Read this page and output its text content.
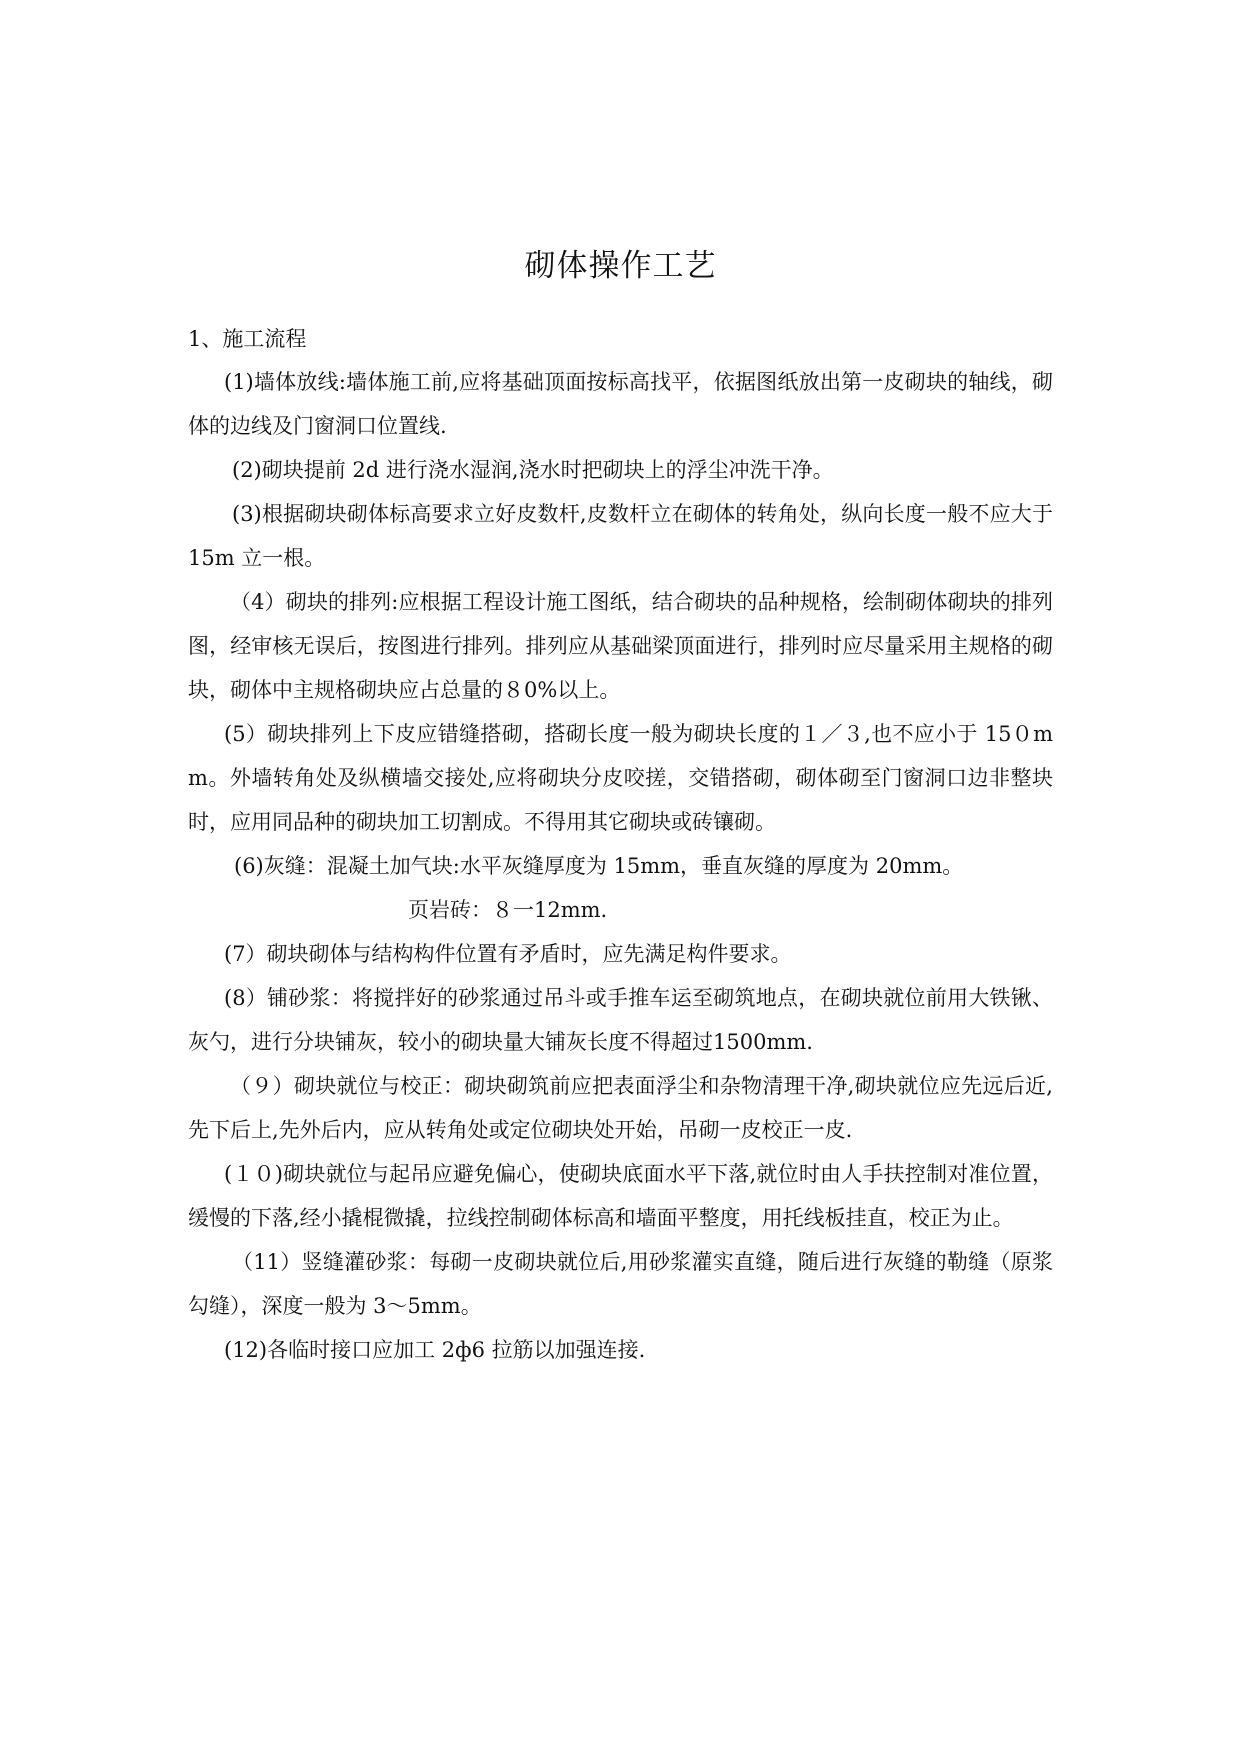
砌体操作工艺
1、施工流程

(1)墙体放线:墙体施工前,应将基础顶面按标高找平，依据图纸放出第一皮砌块的轴线，砌体的边线及门窗洞口位置线.

(2)砌块提前 2d 进行浇水湿润,浇水时把砌块上的浮尘冲洗干净。

(3)根据砌块砌体标高要求立好皮数杆,皮数杆立在砌体的转角处，纵向长度一般不应大于 15m 立一根。

（4）砌块的排列:应根据工程设计施工图纸，结合砌块的品种规格，绘制砌体砌块的排列图，经审核无误后，按图进行排列。排列应从基础梁顶面进行，排列时应尽量采用主规格的砌块，砌体中主规格砌块应占总量的８0%以上。

(5）砌块排列上下皮应错缝搭砌，搭砌长度一般为砌块长度的１／３,也不应小于 15０mm。外墙转角处及纵横墙交接处,应将砌块分皮咬搓，交错搭砌，砌体砌至门窗洞口边非整块时，应用同品种的砌块加工切割成。不得用其它砌块或砖镶砌。

(6)灰缝：混凝土加气块:水平灰缝厚度为 15mm，垂直灰缝的厚度为 20mm。

页岩砖：８一12mm.

(7）砌块砌体与结构构件位置有矛盾时，应先满足构件要求。

(8）铺砂浆：将搅拌好的砂浆通过吊斗或手推车运至砌筑地点，在砌块就位前用大铁锹、灰勺，进行分块铺灰，较小的砌块量大铺灰长度不得超过1500mm.

（９）砌块就位与校正：砌块砌筑前应把表面浮尘和杂物清理干净,砌块就位应先远后近,先下后上,先外后内，应从转角处或定位砌块处开始，吊砌一皮校正一皮.

(１０)砌块就位与起吊应避免偏心，使砌块底面水平下落,就位时由人手扶控制对准位置，缓慢的下落,经小撬棍微撬，拉线控制砌体标高和墙面平整度，用托线板挂直，校正为止。

（11）竖缝灌砂浆：每砌一皮砌块就位后,用砂浆灌实直缝，随后进行灰缝的勒缝（原浆勾缝），深度一般为 3～5mm。

(12)各临时接口应加工 2ф6 拉筋以加强连接.
